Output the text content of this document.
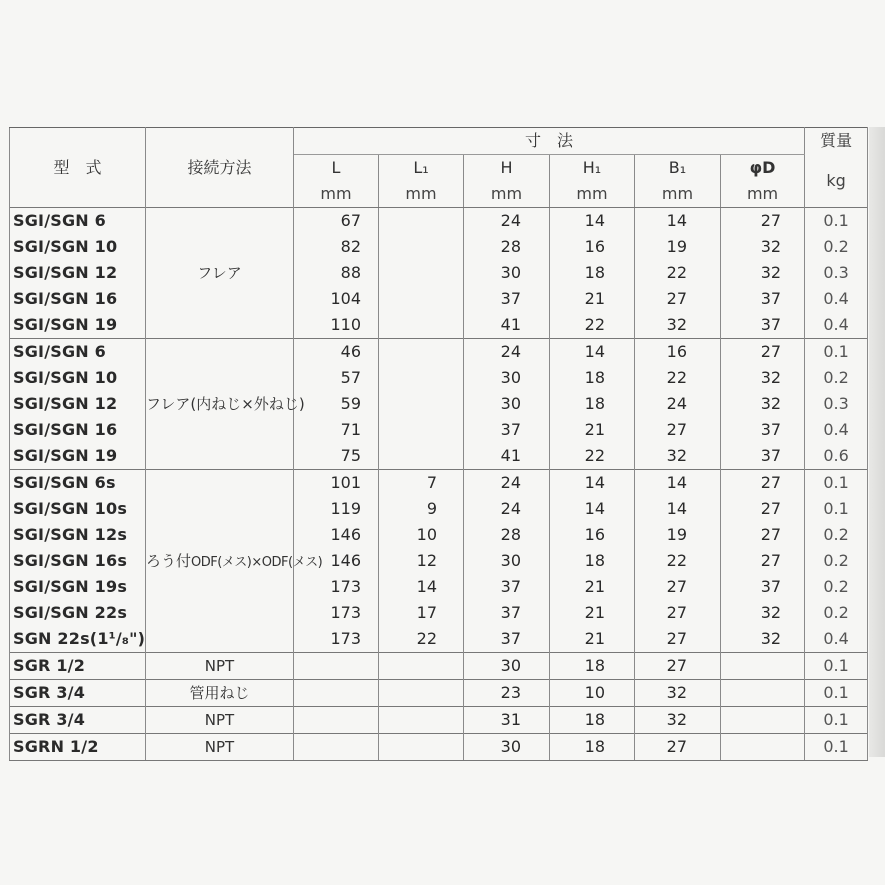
型　式	接続方法	寸　法						質量
		L	L₁	H	H₁	B₁	φD	kg
		mm	mm	mm	mm	mm	mm	
SGI/SGN 6	フレア	67		24	14	14	27	0.1
SGI/SGN 10		82		28	16	19	32	0.2
SGI/SGN 12		88		30	18	22	32	0.3
SGI/SGN 16		104		37	21	27	37	0.4
SGI/SGN 19		110		41	22	32	37	0.4
SGI/SGN 6	フレア(内ねじ×外ねじ)	46		24	14	16	27	0.1
SGI/SGN 10		57		30	18	22	32	0.2
SGI/SGN 12		59		30	18	24	32	0.3
SGI/SGN 16		71		37	21	27	37	0.4
SGI/SGN 19		75		41	22	32	37	0.6
SGI/SGN 6s	ろう付ODF(メス)×ODF(メス)	101	7	24	14	14	27	0.1
SGI/SGN 10s		119	9	24	14	14	27	0.1
SGI/SGN 12s		146	10	28	16	19	27	0.2
SGI/SGN 16s		146	12	30	18	22	27	0.2
SGI/SGN 19s		173	14	37	21	27	37	0.2
SGI/SGN 22s		173	17	37	21	27	32	0.2
SGN 22s(1¹/₈")		173	22	37	21	27	32	0.4
SGR 1/2	NPT			30	18	27		0.1
SGR 3/4	管用ねじ			23	10	32		0.1
SGR 3/4	NPT			31	18	32		0.1
SGRN 1/2	NPT			30	18	27		0.1
